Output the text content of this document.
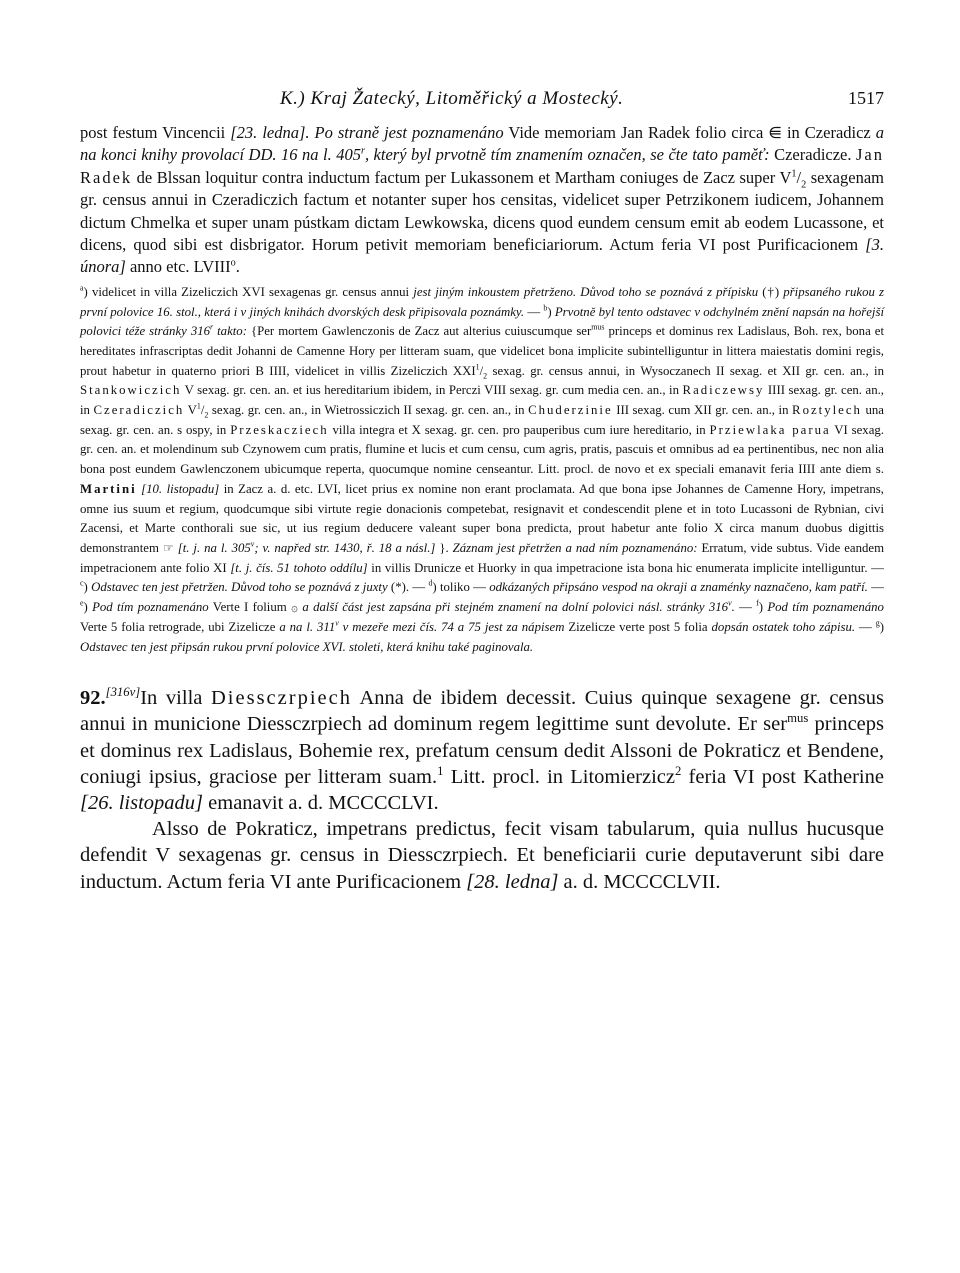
K.) Kraj Žatecký, Litoměřický a Mostecký.	1517

post festum Vincencii [23. ledna]. Po straně jest poznamenáno Vide memoriam Jan Radek folio circa ⋹ in Czeradicz a na konci knihy provolací DD. 16 na l. 405$^r$, který byl prvotně tím znamením označen, se čte tato paměť: Czeradicze. Jan Radek de Blssan loquitur contra inductum factum per Lukassonem et Martham coniuges de Zacz super $V^1/_2$ sexagenam gr. census annui in Czeradiczich factum et notanter super hos censitas, videlicet super Petrzikonem iudicem, Johannem dictum Chmelka et super unam pústkam dictam Lewkowska, dicens quod eundem censum emit ab eodem Lucassone, et dicens, quod sibi est disbrigator. Horum petivit memoriam beneficiariorum. Actum feria VI post Purificacionem [3. února] anno etc. LVIII$^o$.

$^a$) videlicet in villa Zizeliczich XVI sexagenas gr. census annui jest jiným inkoustem přetrženo. Důvod toho se poznává z přípisku (†) připsaného rukou z první polovice 16. stol., která i v jiných knihách dvorských desk připisovala poznámky. — $^b$) Prvotně byl tento odstavec v odchylném znění napsán na hořejší polovici téže stránky 316$^r$ takto: {Per mortem Gawlenczonis de Zacz aut alterius cuiuscumque ser$^{mus}$ princeps et dominus rex Ladislaus, Boh. rex, bona et hereditates infrascriptas dedit Johanni de Camenne Hory per litteram suam, que videlicet bona implicite subintelliguntur in littera maiestatis domini regis, prout habetur in quaterno priori B IIII, videlicet in villis Zizeliczich $XXI^1/_2$ sexag. gr. census annui, in Wysoczanech II sexag. et XII gr. cen. an., in Stankowiczich V sexag. gr. cen. an. et ius hereditarium ibidem, in Perczi VIII sexag. gr. cum media cen. an., in Radiczewsy IIII sexag. gr. cen. an., in Czeradiczich $V^1/_2$ sexag. gr. cen. an., in Wietrossiczich II sexag. gr. cen. an., in Chuderzinie III sexag. cum XII gr. cen. an., in Roztylech una sexag. gr. cen. an. s ospy, in Przeskacziech villa integra et X sexag. gr. cen. pro pauperibus cum iure hereditario, in Prziewlaka parua VI sexag. gr. cen. an. et molendinum sub Czynowem cum pratis, flumine et lucis et cum censu, cum agris, pratis, pascuis et omnibus ad ea pertinentibus, nec non alia bona post eundem Gawlenczonem ubicumque reperta, quocumque nomine censeantur. Litt. procl. de novo et ex speciali emanavit feria IIII ante diem s. Martini [10. listopadu] in Zacz a. d. etc. LVI, licet prius ex nomine non erant proclamata. Ad que bona ipse Johannes de Camenne Hory, impetrans, omne ius suum et regium, quodcumque sibi virtute regie donacionis competebat, resignavit et condescendit plene et in toto Lucassoni de Rybnian, civi Zacensi, et Marte conthorali sue sic, ut ius regium deducere valeant super bona predicta, prout habetur ante folio X circa manum duobus digittis demonstrantem ☞ [t. j. na l. 305$^v$; v. napřed str. 1430, ř. 18 a násl.] }. Záznam jest přetržen a nad ním poznamenáno: Erratum, vide subtus. Vide eandem impetracionem ante folio XI [t. j. čís. 51 tohoto oddílu] in villis Drunicze et Huorky in qua impetracione ista bona hic enumerata implicite intelliguntur. — $^c$) Odstavec ten jest přetržen. Důvod toho se poznává z juxty (*). — $^d$) toliko — odkázaných připsáno vespod na okraji a znaménky naznačeno, kam patří. — $^e$) Pod tím poznamenáno Verte I folium ۞ a další část jest zapsána při stejném znamení na dolní polovici násl. stránky 316$^v$. — $^f$) Pod tím poznamenáno Verte 5 folia retrograde, ubi Zizelicze a na l. 311$^v$ v mezeře mezi čís. 74 a 75 jest za nápisem Zizelicze verte post 5 folia dopsán ostatek toho zápisu. — $^g$) Odstavec ten jest připsán rukou první polovice XVI. stoleti, která knihu také paginovala.

92.[316v]In villa Diessczrpiech Anna de ibidem decessit. Cuius quinque sexagene gr. census annui in municione Diessczrpiech ad dominum regem legittime sunt devolute. Er ser$^{mus}$ princeps et dominus rex Ladislaus, Bohemie rex, prefatum censum dedit Alssoni de Pokraticz et Bendene, coniugi ipsius, graciose per litteram suam.$^1$ Litt. procl. in Litomierzicz$^2$ feria VI post Katherine [26. listopadu] emanavit a. d. MCCCCLVI.

Alsso de Pokraticz, impetrans predictus, fecit visam tabularum, quia nullus hucusque defendit V sexagenas gr. census in Diessczrpiech. Et beneficiarii curie deputaverunt sibi dare inductum. Actum feria VI ante Purificacionem [28. ledna] a. d. MCCCCLVII.
